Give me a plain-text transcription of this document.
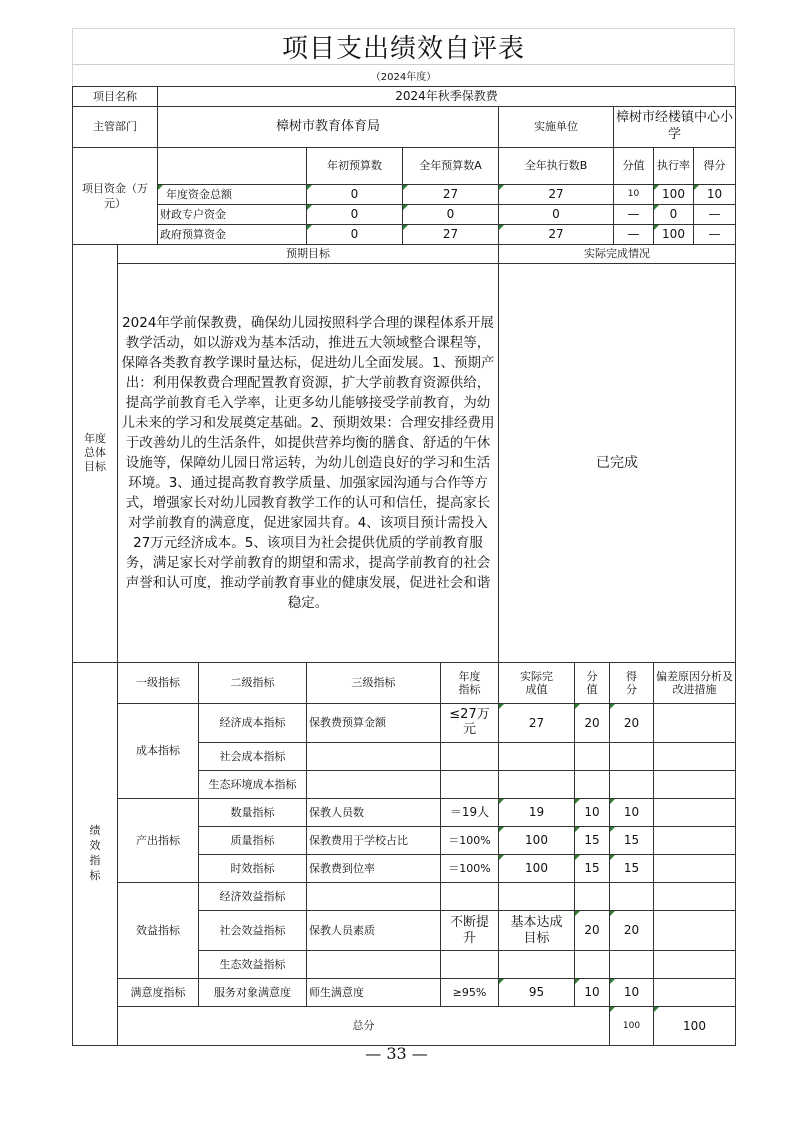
项目支出绩效自评表
（2024年度）
项目名称	2024年秋季保教费						
主管部门	樟树市教育体育局			实施单位	樟树市经楼镇中心小学		
项目资金（万元）		年初预算数	全年预算数A	全年执行数B	分值	执行率	得分
	年度资金总额	0	27	27	10	100	10
	财政专户资金	0	0	0	—	0	—
	政府预算资金	0	27	27	—	100	—
年度总体目标	预期目标				实际完成情况				
	2024年学前保教费，确保幼儿园按照科学合理的课程体系开展教学活动，如以游戏为基本活动，推进五大领域整合课程等，保障各类教育教学课时量达标，促进幼儿全面发展。1、预期产出：利用保教费合理配置教育资源，扩大学前教育资源供给，提高学前教育毛入学率，让更多幼儿能够接受学前教育，为幼儿未来的学习和发展奠定基础。2、预期效果：合理安排经费用于改善幼儿的生活条件，如提供营养均衡的膳食、舒适的午休设施等，保障幼儿园日常运转，为幼儿创造良好的学习和生活环境。3、通过提高教育教学质量、加强家园沟通与合作等方式，增强家长对幼儿园教育教学工作的认可和信任，提高家长对学前教育的满意度，促进家园共育。4、该项目预计需投入27万元经济成本。5、该项目为社会提供优质的学前教育服务，满足家长对学前教育的期望和需求，提高学前教育的社会声誉和认可度，推动学前教育事业的健康发展，促进社会和谐稳定。				已完成				
绩效指标	一级指标	二级指标	三级指标	年度指标	实际完成值	分值	得分	偏差原因分析及改进措施	
	成本指标	经济成本指标	保教费预算金额	≤27万元	27	20	20		
		社会成本指标							
		生态环境成本指标							
	产出指标	数量指标	保教人员数	＝19人	19	10	10		
		质量指标	保教费用于学校占比	＝100%	100	15	15		
		时效指标	保教费到位率	＝100%	100	15	15		
	效益指标	经济效益指标							
		社会效益指标	保教人员素质	不断提升	基本达成目标	20	20		
		生态效益指标							
	满意度指标	服务对象满意度	师生满意度	≥95%	95	10	10		
	总分						100	100	
— 33 —
